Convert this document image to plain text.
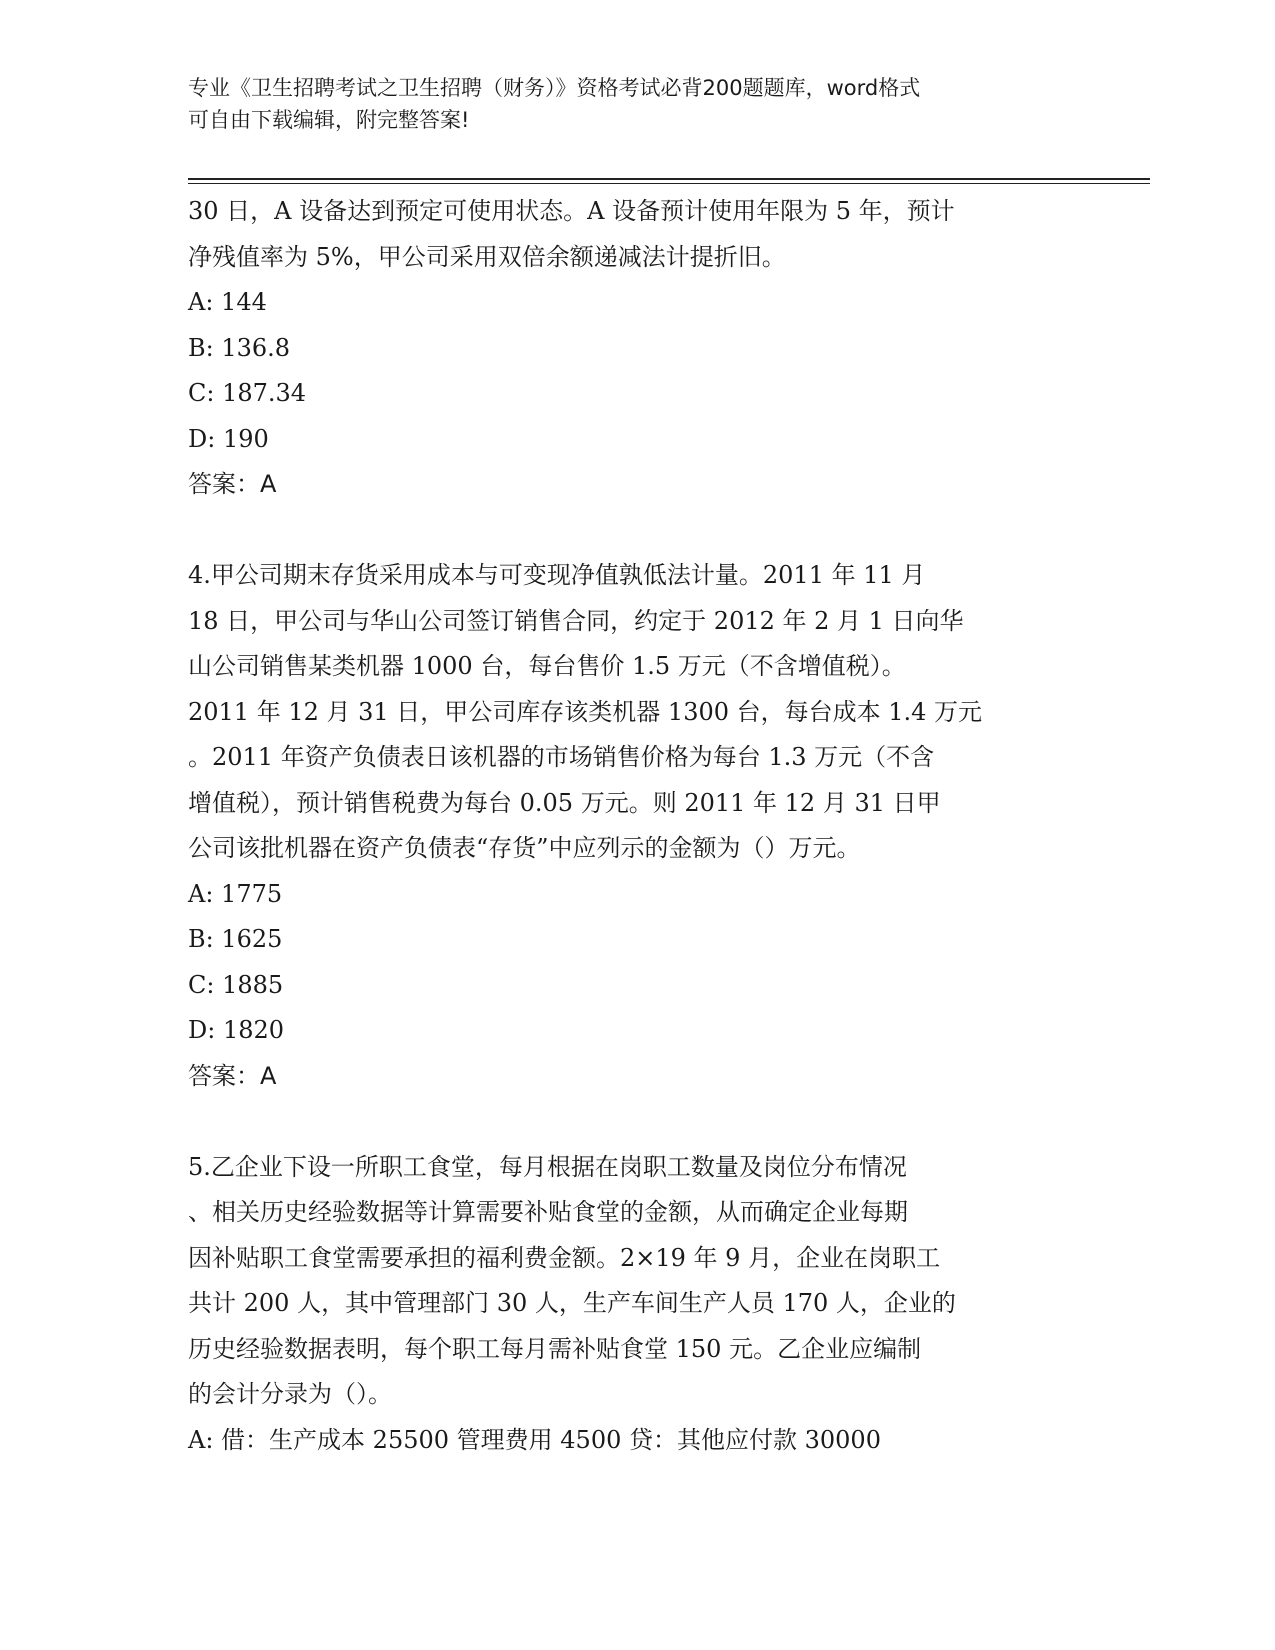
专业《卫生招聘考试之卫生招聘（财务）》资格考试必背200题题库，word格式
可自由下载编辑，附完整答案!
30 日，A 设备达到预定可使用状态。A 设备预计使用年限为 5 年，预计
净残值率为 5%，甲公司采用双倍余额递减法计提折旧。
A: 144
B: 136.8
C: 187.34
D: 190
答案：A
4.甲公司期末存货采用成本与可变现净值孰低法计量。2011 年 11 月
18 日，甲公司与华山公司签订销售合同，约定于 2012 年 2 月 1 日向华
山公司销售某类机器 1000 台，每台售价 1.5 万元（不含增值税）。
2011 年 12 月 31 日，甲公司库存该类机器 1300 台，每台成本 1.4 万元
。2011 年资产负债表日该机器的市场销售价格为每台 1.3 万元（不含
增值税），预计销售税费为每台 0.05 万元。则 2011 年 12 月 31 日甲
公司该批机器在资产负债表“存货”中应列示的金额为（）万元。
A: 1775
B: 1625
C: 1885
D: 1820
答案：A
5.乙企业下设一所职工食堂，每月根据在岗职工数量及岗位分布情况
、相关历史经验数据等计算需要补贴食堂的金额，从而确定企业每期
因补贴职工食堂需要承担的福利费金额。2×19 年 9 月，企业在岗职工
共计 200 人，其中管理部门 30 人，生产车间生产人员 170 人，企业的
历史经验数据表明，每个职工每月需补贴食堂 150 元。乙企业应编制
的会计分录为（）。
A: 借：生产成本 25500 管理费用 4500 贷：其他应付款 30000
